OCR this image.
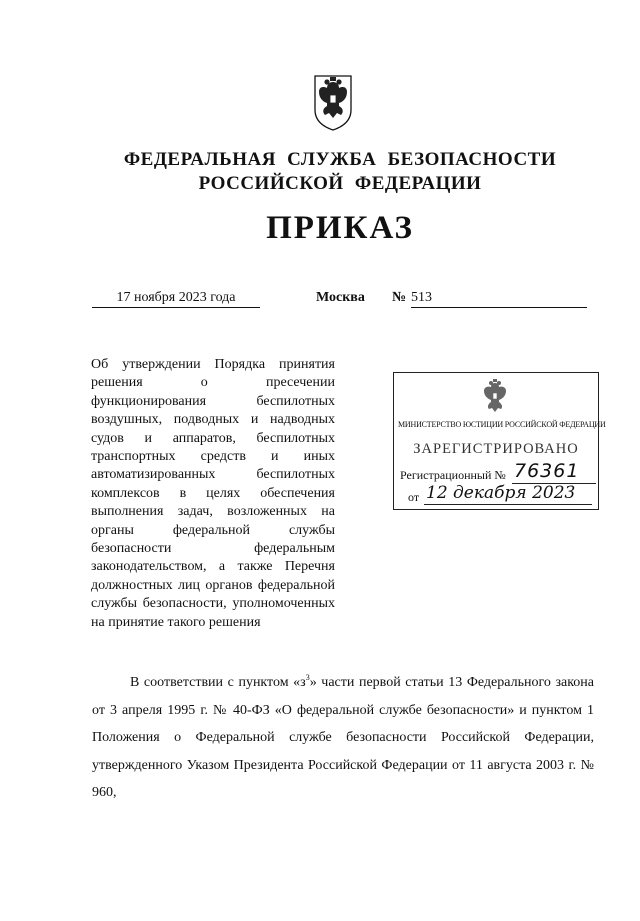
ФЕДЕРАЛЬНАЯ СЛУЖБА БЕЗОПАСНОСТИ
РОССИЙСКОЙ ФЕДЕРАЦИИ
ПРИКАЗ
17 ноября 2023 года	Москва № 513
Об утверждении Порядка принятия решения о пресечении функционирования беспилотных воздушных, подводных и надводных судов и аппаратов, беспилотных транспортных средств и иных автоматизированных беспилотных комплексов в целях обеспечения выполнения задач, возложенных на органы федеральной службы безопасности федеральным законодательством, а также Перечня должностных лиц органов федеральной службы безопасности, уполномоченных на принятие такого решения
МИНИСТЕРСТВО ЮСТИЦИИ РОССИЙСКОЙ ФЕДЕРАЦИИ
ЗАРЕГИСТРИРОВАНО
Регистрационный № 76361
от 12 декабря 2023
В соответствии с пунктом «$з^3$» части первой статьи 13 Федерального закона от 3 апреля 1995 г. № 40-ФЗ «О федеральной службе безопасности» и пунктом 1 Положения о Федеральной службе безопасности Российской Федерации, утвержденного Указом Президента Российской Федерации от 11 августа 2003 г. № 960,
